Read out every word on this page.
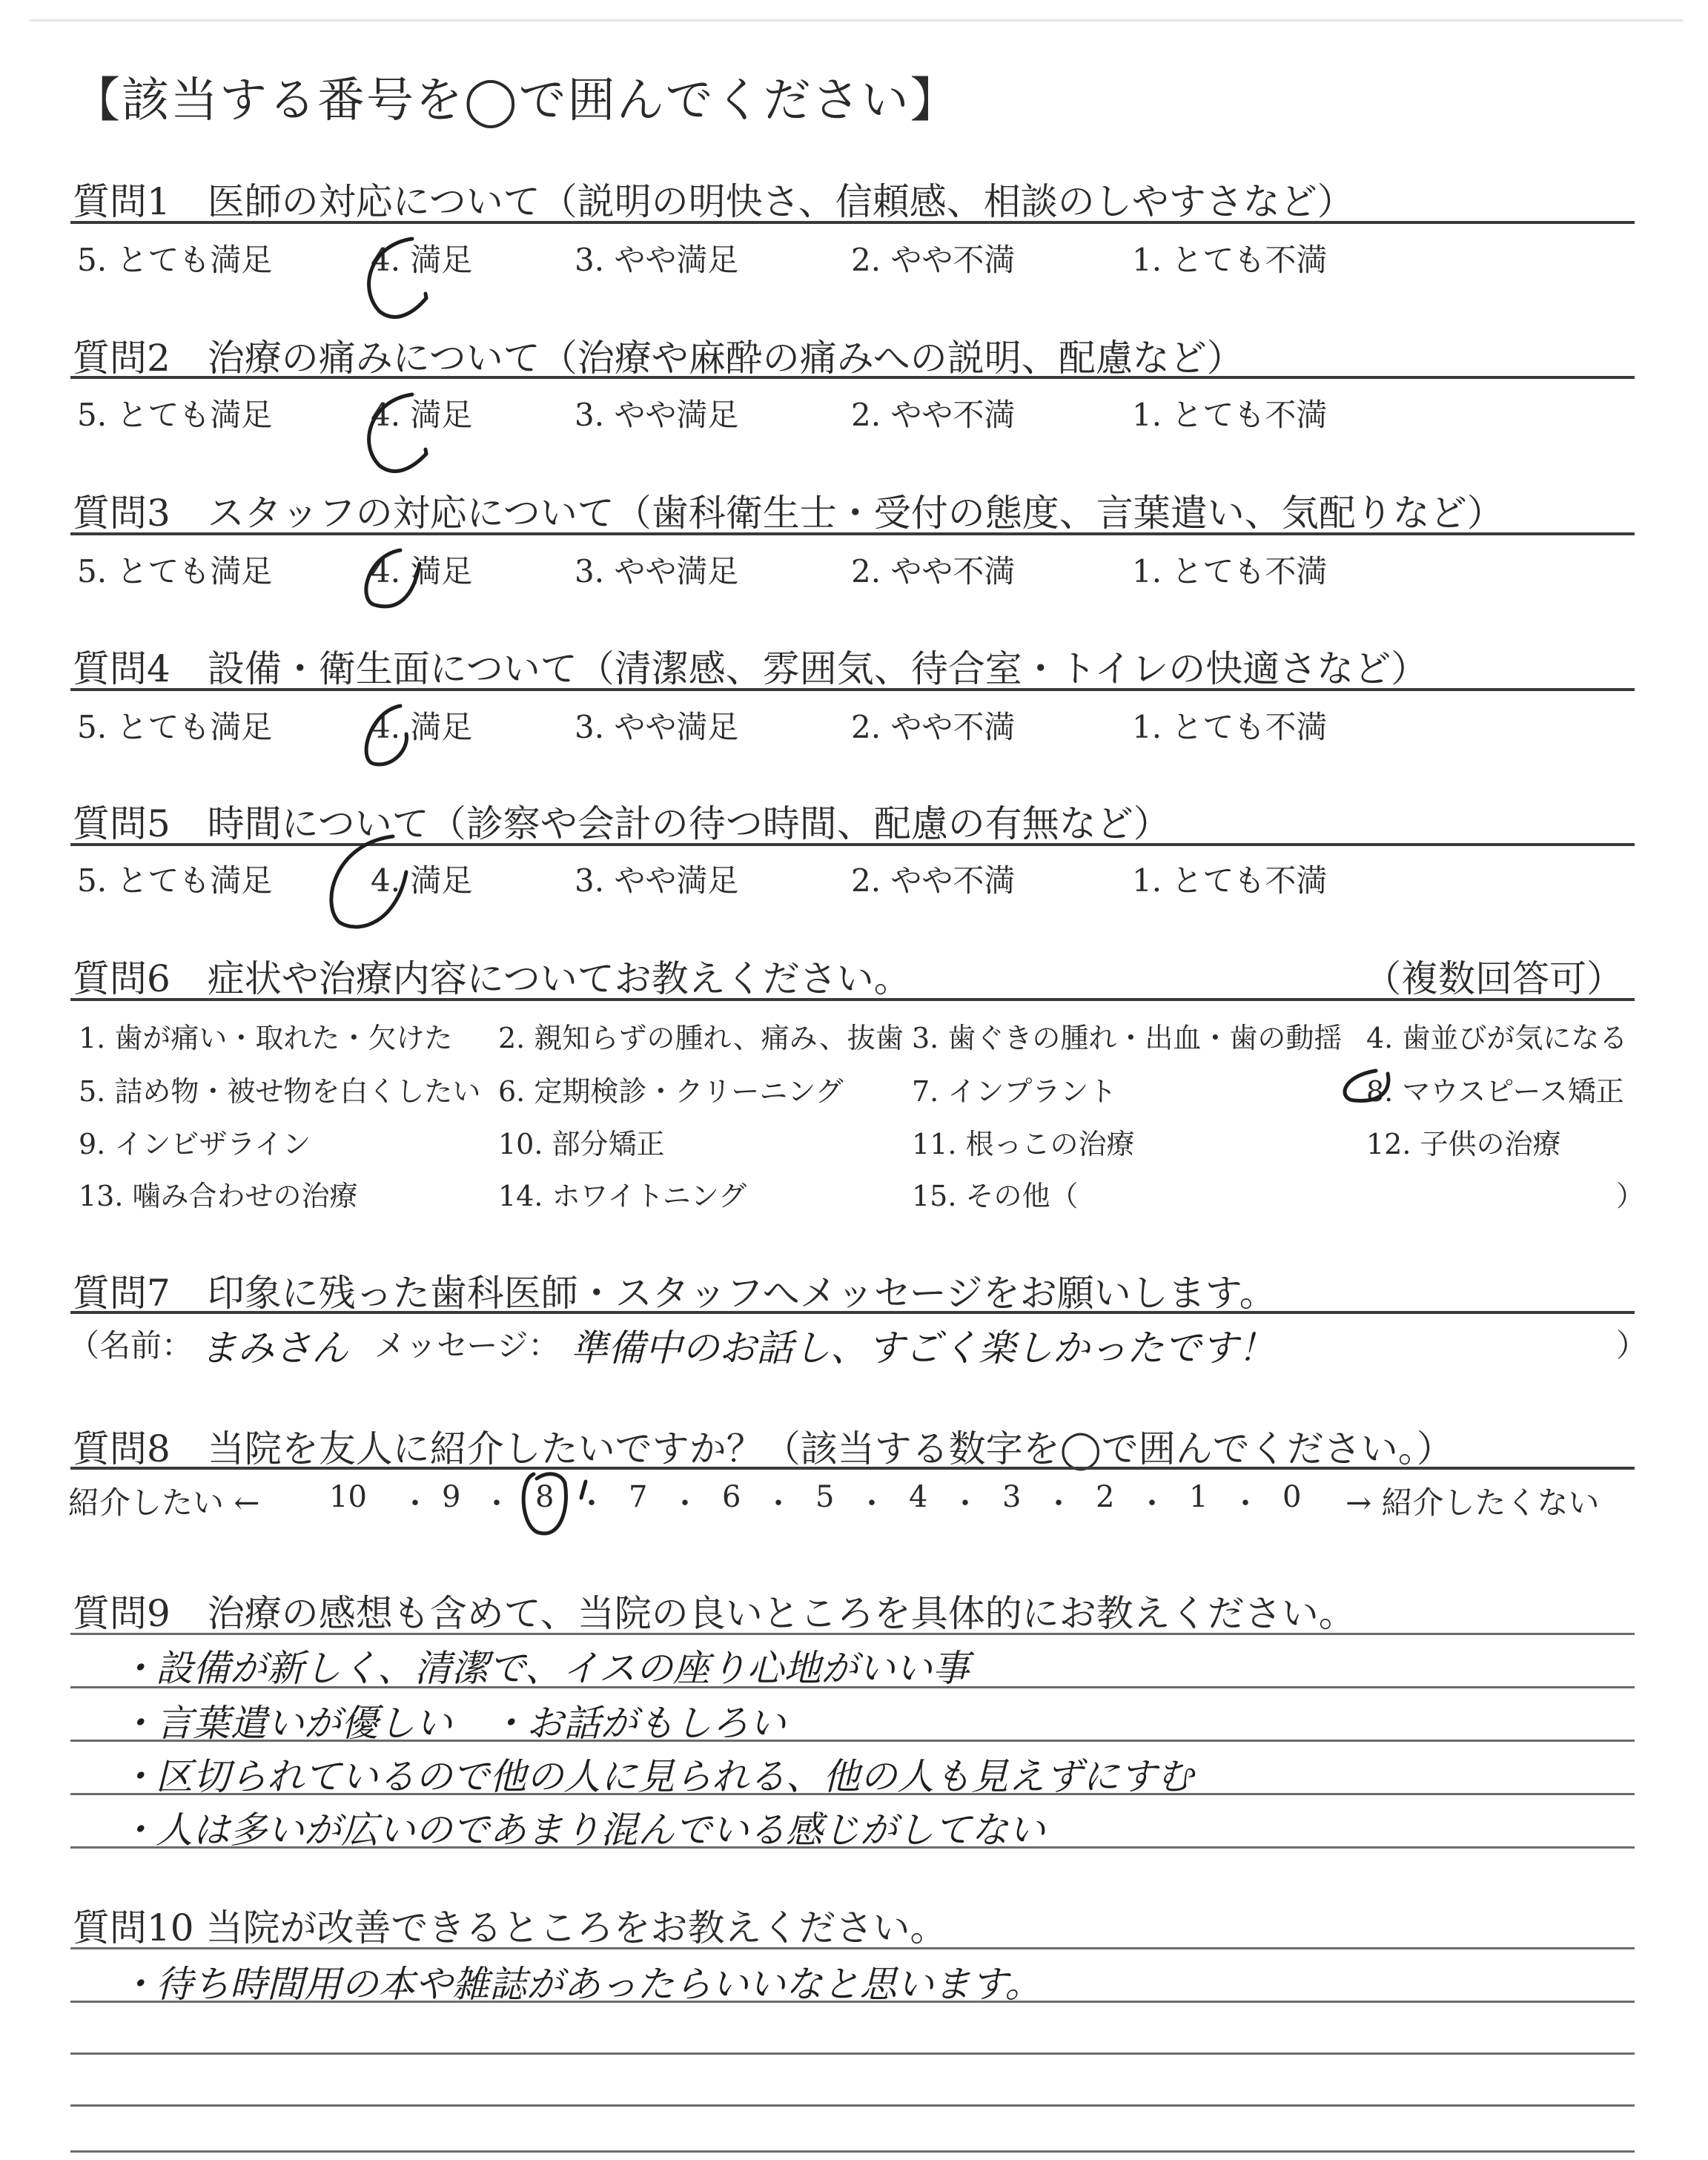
【該当する番号を◯で囲んでください】
質問1　医師の対応について（説明の明快さ、信頼感、相談のしやすさなど）
5. とても満足	4. 満足	3. やや満足	2. やや不満	1. とても不満
質問2　治療の痛みについて（治療や麻酔の痛みへの説明、配慮など）
5. とても満足	4. 満足	3. やや満足	2. やや不満	1. とても不満
質問3　スタッフの対応について（歯科衛生士・受付の態度、言葉遣い、気配りなど）
5. とても満足	4. 満足	3. やや満足	2. やや不満	1. とても不満
質問4　設備・衛生面について（清潔感、雰囲気、待合室・トイレの快適さなど）
5. とても満足	4. 満足	3. やや満足	2. やや不満	1. とても不満
質問5　時間について（診察や会計の待つ時間、配慮の有無など）
5. とても満足	4. 満足	3. やや満足	2. やや不満	1. とても不満
質問6　症状や治療内容についてお教えください。	（複数回答可）
1. 歯が痛い・取れた・欠けた 2. 親知らずの腫れ、痛み、抜歯 3. 歯ぐきの腫れ・出血・歯の動揺 4. 歯並びが気になる
5. 詰め物・被せ物を白くしたい 6. 定期検診・クリーニング 7. インプラント	8. マウスピース矯正
9. インビザライン	10. 部分矯正	11. 根っこの治療	12. 子供の治療
13. 噛み合わせの治療	14. ホワイトニング	15. その他（	）
質問7　印象に残った歯科医師・スタッフへメッセージをお願いします。
（名前： まみさん メッセージ： 準備中のお話し、すごく楽しかったです！	）
質問8　当院を友人に紹介したいですか？（該当する数字を◯で囲んでください。）
紹介したい ←	→ 紹介したくない
10 ・ 9 ・ 8 ・ 7 ・ 6 ・ 5 ・ 4 ・ 3 ・ 2 ・ 1 ・ 0
質問9　治療の感想も含めて、当院の良いところを具体的にお教えください。
・設備が新しく、清潔で、イスの座り心地がいい事
・言葉遣いが優しい　・お話がもしろい
・区切られているので他の人に見られる、他の人も見えずにすむ
・人は多いが広いのであまり混んでいる感じがしてない
質問10 当院が改善できるところをお教えください。
・待ち時間用の本や雑誌があったらいいなと思います。
